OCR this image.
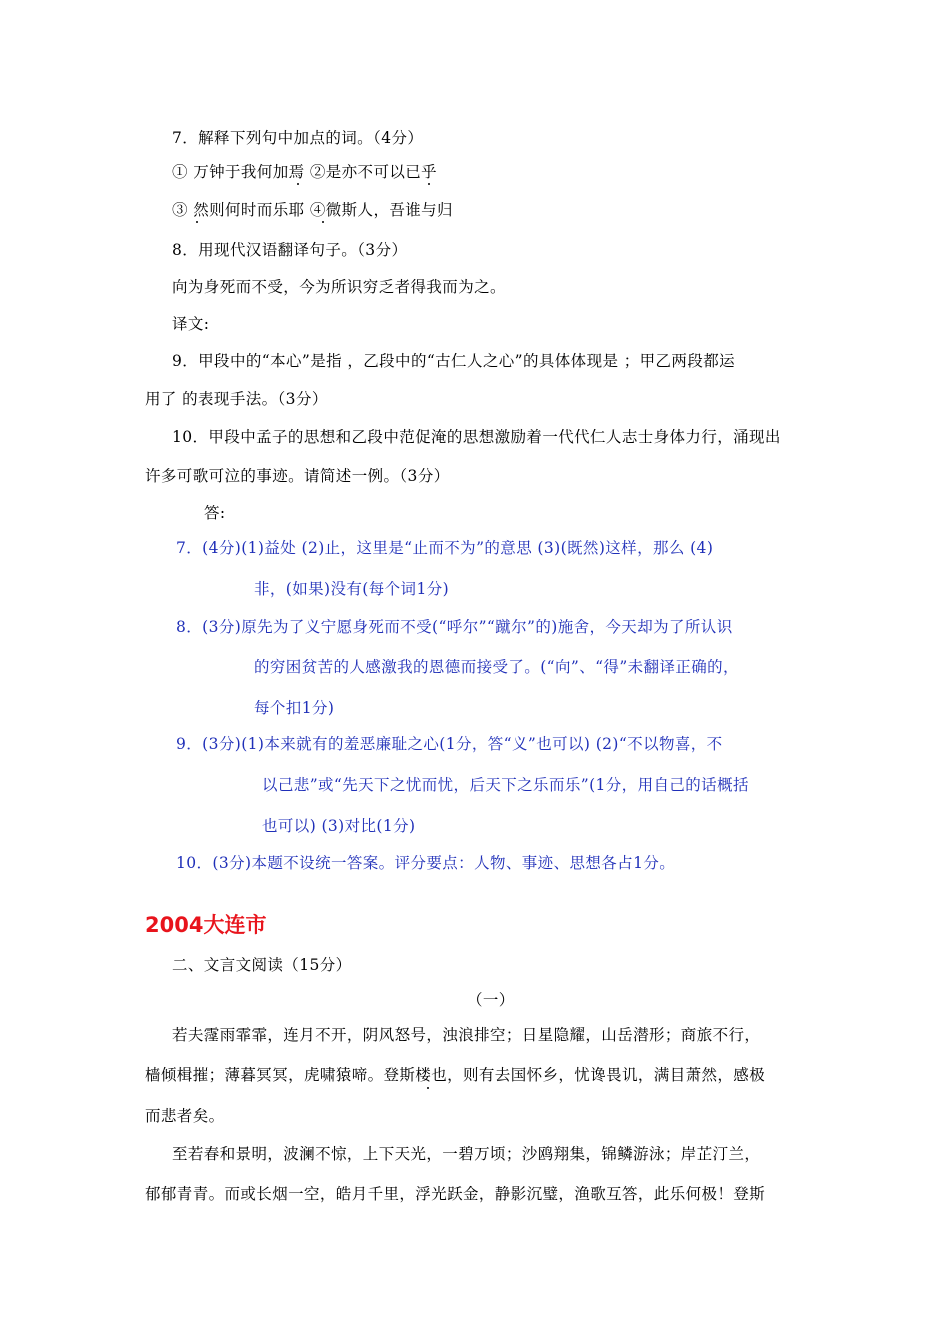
7．解释下列句中加点的词。（4分）
① 万钟于我何加焉 ②是亦不可以已乎
③ 然则何时而乐耶 ④微斯人，吾谁与归
8．用现代汉语翻译句子。（3分）
向为身死而不受，今为所识穷乏者得我而为之。
译文:
9．甲段中的“本心”是指 ，乙段中的“古仁人之心”的具体体现是 ；甲乙两段都运
用了 的表现手法。（3分）
10．甲段中孟子的思想和乙段中范促淹的思想激励着一代代仁人志士身体力行，涌现出
许多可歌可泣的事迹。请简述一例。（3分）
答:
7．(4分)(1)益处 (2)止，这里是“止而不为”的意思 (3)(既然)这样，那么 (4)
非，(如果)没有(每个词1分)
8．(3分)原先为了义宁愿身死而不受(“呼尔”“蹴尔”的)施舍，今天却为了所认识
的穷困贫苦的人感激我的恩德而接受了。(“向”、“得”未翻译正确的，
每个扣1分)
9．(3分)(1)本来就有的羞恶廉耻之心(1分，答“义”也可以) (2)“不以物喜，不
以己悲”或“先天下之忧而忧，后天下之乐而乐”(1分，用自己的话概括
也可以) (3)对比(1分)
10．(3分)本题不设统一答案。评分要点：人物、事迹、思想各占1分。
2004大连市
二、文言文阅读（15分）
（一）
若夫霪雨霏霏，连月不开，阴风怒号，浊浪排空；日星隐耀，山岳潜形；商旅不行，
樯倾楫摧；薄暮冥冥，虎啸猿啼。登斯楼也，则有去国怀乡，忧谗畏讥，满目萧然，感极
而悲者矣。
至若春和景明，波澜不惊，上下天光，一碧万顷；沙鸥翔集，锦鳞游泳；岸芷汀兰，
郁郁青青。而或长烟一空，皓月千里，浮光跃金，静影沉璧，渔歌互答，此乐何极！登斯
